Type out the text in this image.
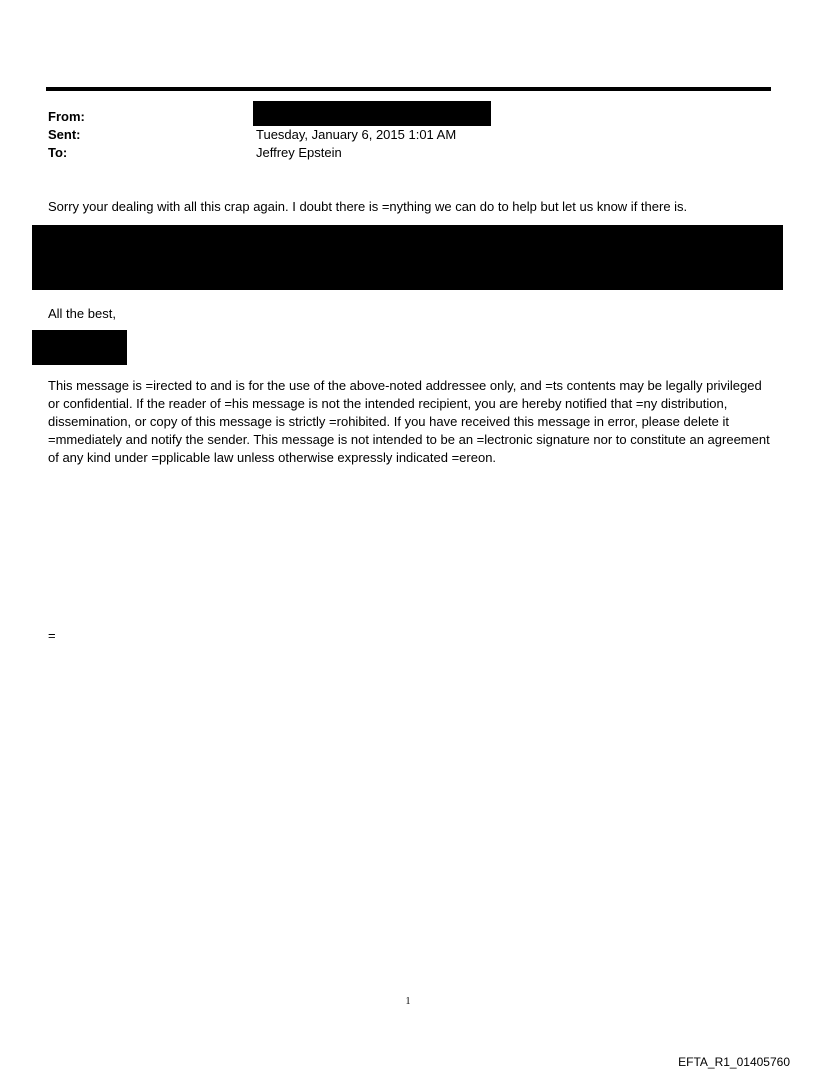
From:
Sent:	Tuesday, January 6, 2015 1:01 AM
To:	Jeffrey Epstein
Sorry your dealing with all this crap again. I doubt there is =nything we can do to help but let us know if there is.
All the best,
This message is =irected to and is for the use of the above-noted addressee only, and =ts contents may be legally privileged or confidential. If the reader of =his message is not the intended recipient, you are hereby notified that =ny distribution, dissemination, or copy of this message is strictly =rohibited. If you have received this message in error, please delete it =mmediately and notify the sender. This message is not intended to be an =lectronic signature nor to constitute an agreement of any kind under =pplicable law unless otherwise expressly indicated =ereon.
=
1
EFTA_R1_01405760
